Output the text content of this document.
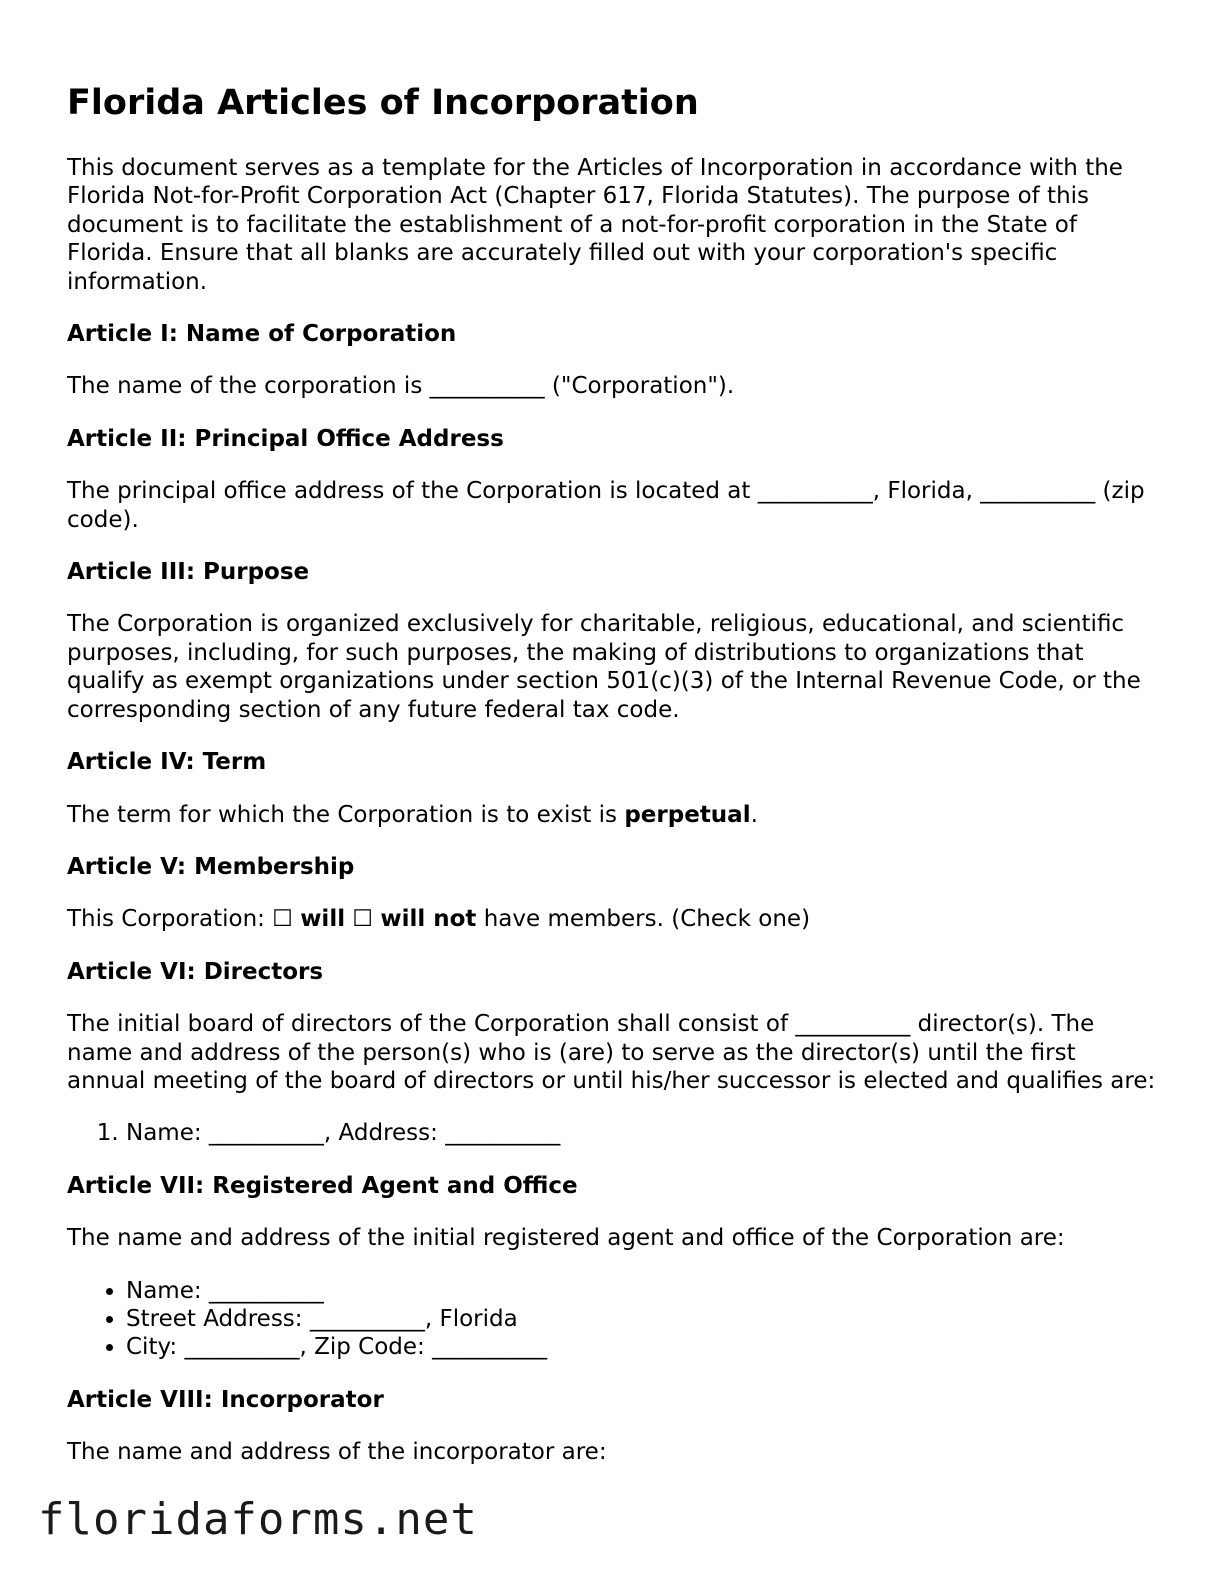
Florida Articles of Incorporation

This document serves as a template for the Articles of Incorporation in accordance with the Florida Not-for-Profit Corporation Act (Chapter 617, Florida Statutes). The purpose of this document is to facilitate the establishment of a not-for-profit corporation in the State of Florida. Ensure that all blanks are accurately filled out with your corporation's specific information.

Article I: Name of Corporation

The name of the corporation is __________ ("Corporation").

Article II: Principal Office Address

The principal office address of the Corporation is located at __________, Florida, __________ (zip code).

Article III: Purpose

The Corporation is organized exclusively for charitable, religious, educational, and scientific purposes, including, for such purposes, the making of distributions to organizations that qualify as exempt organizations under section 501(c)(3) of the Internal Revenue Code, or the corresponding section of any future federal tax code.

Article IV: Term

The term for which the Corporation is to exist is perpetual.

Article V: Membership

This Corporation: ☐ will ☐ will not have members. (Check one)

Article VI: Directors

The initial board of directors of the Corporation shall consist of __________ director(s). The name and address of the person(s) who is (are) to serve as the director(s) until the first annual meeting of the board of directors or until his/her successor is elected and qualifies are:

1. Name: __________, Address: __________
Article VII: Registered Agent and Office

The name and address of the initial registered agent and office of the Corporation are:

• Name: __________
• Street Address: __________, Florida
• City: __________, Zip Code: __________
Article VIII: Incorporator

The name and address of the incorporator are:

floridaforms.net
